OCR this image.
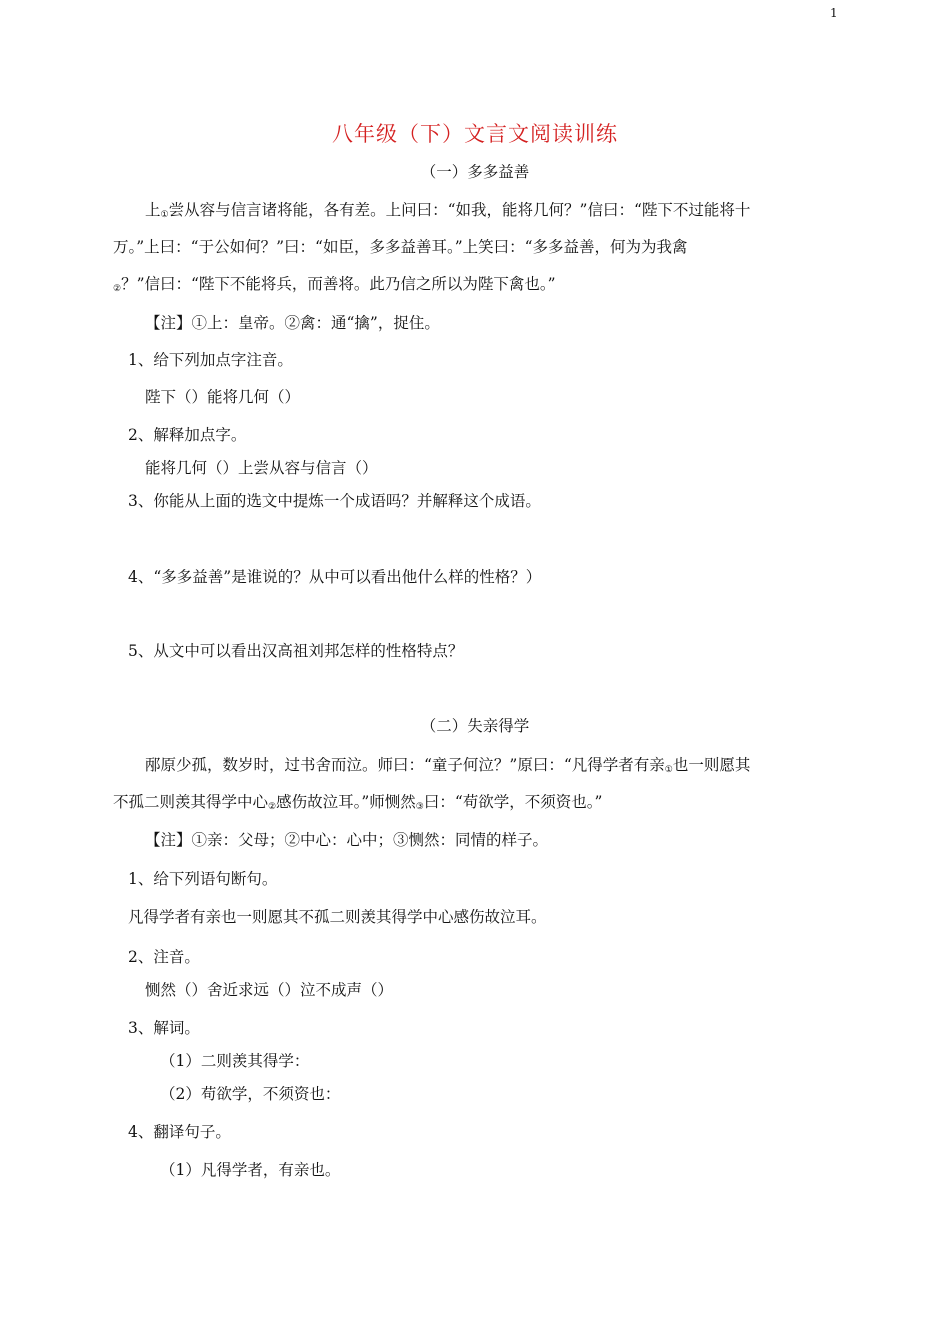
1
八年级（下）文言文阅读训练
（一）多多益善
上①尝从容与信言诸将能，各有差。上问曰：“如我，能将几何？”信曰：“陛下不过能将十
万。”上曰：“于公如何？”曰：“如臣，多多益善耳。”上笑曰：“多多益善，何为为我禽
②？”信曰：“陛下不能将兵，而善将。此乃信之所以为陛下禽也。”
【注】①上：皇帝。②禽：通“擒”，捉住。
1、给下列加点字注音。
陛下（）能将几何（）
2、解释加点字。
能将几何（）上尝从容与信言（）
3、你能从上面的选文中提炼一个成语吗？并解释这个成语。
4、“多多益善”是谁说的？从中可以看出他什么样的性格？）
5、从文中可以看出汉高祖刘邦怎样的性格特点？
（二）失亲得学
邴原少孤，数岁时，过书舍而泣。师曰：“童子何泣？”原曰：“凡得学者有亲①也一则愿其
不孤二则羡其得学中心②感伤故泣耳。”师恻然③曰：“苟欲学，不须资也。”
【注】①亲：父母；②中心：心中；③恻然：同情的样子。
1、给下列语句断句。
凡得学者有亲也一则愿其不孤二则羡其得学中心感伤故泣耳。
2、注音。
恻然（）舍近求远（）泣不成声（）
3、解词。
（1）二则羡其得学：
（2）苟欲学，不须资也：
4、翻译句子。
（1）凡得学者，有亲也。
